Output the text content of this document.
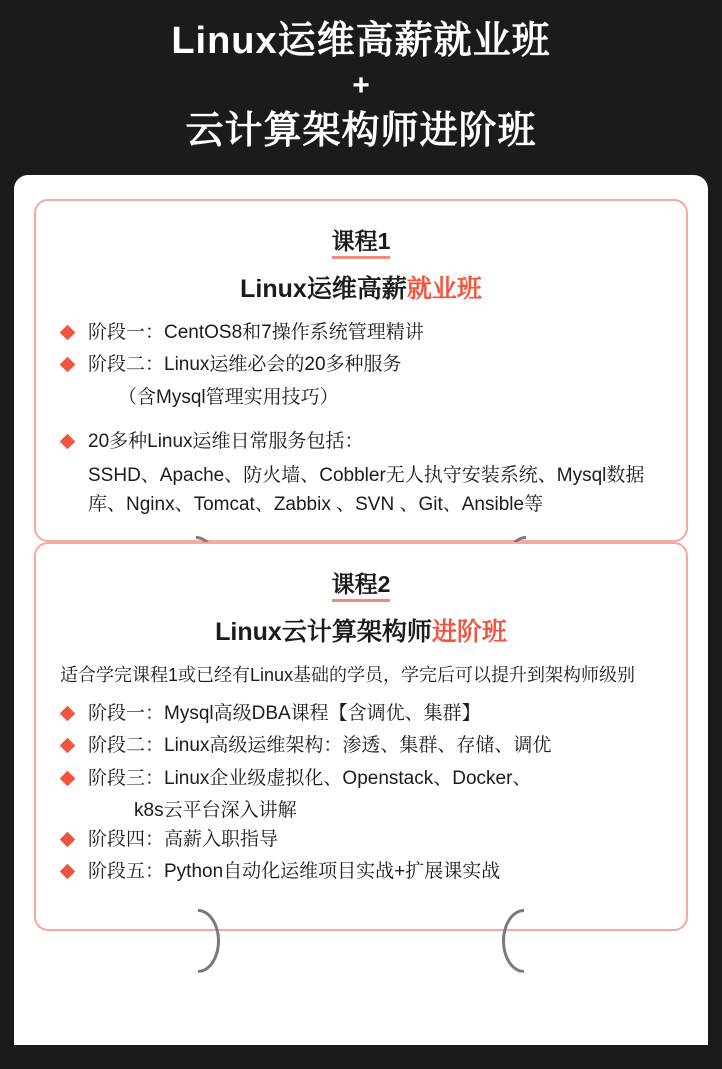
Linux运维高薪就业班
+
云计算架构师进阶班
课程1
Linux运维高薪就业班
阶段一：CentOS8和7操作系统管理精讲
阶段二：Linux运维必会的20多种服务
（含Mysql管理实用技巧）
20多种Linux运维日常服务包括：
SSHD、Apache、防火墙、Cobbler无人执守安装系统、Mysql数据库、Nginx、Tomcat、Zabbix 、SVN 、Git、Ansible等
课程2
Linux云计算架构师进阶班
适合学完课程1或已经有Linux基础的学员，学完后可以提升到架构师级别
阶段一：Mysql高级DBA课程【含调优、集群】
阶段二：Linux高级运维架构：渗透、集群、存储、调优
阶段三：Linux企业级虚拟化、Openstack、Docker、
k8s云平台深入讲解
阶段四：高薪入职指导
阶段五：Python自动化运维项目实战+扩展课实战
